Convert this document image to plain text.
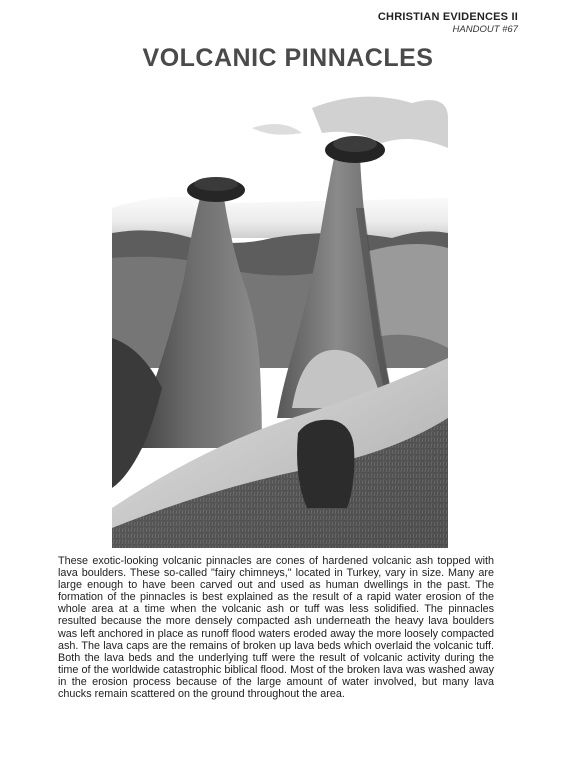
CHRISTIAN EVIDENCES II
HANDOUT #67
VOLCANIC PINNACLES

These exotic-looking volcanic pinnacles are cones of hardened volcanic ash topped with lava boulders. These so-called "fairy chimneys," located in Turkey, vary in size. Many are large enough to have been carved out and used as human dwellings in the past. The formation of the pinnacles is best explained as the result of a rapid water erosion of the whole area at a time when the volcanic ash or tuff was less solidified. The pinnacles resulted because the more densely compacted ash underneath the heavy lava boulders was left anchored in place as runoff flood waters eroded away the more loosely compacted ash. The lava caps are the remains of broken up lava beds which overlaid the volcanic tuff. Both the lava beds and the underlying tuff were the result of volcanic activity during the time of the worldwide catastrophic biblical flood. Most of the broken lava was washed away in the erosion process because of the large amount of water involved, but many lava chucks remain scattered on the ground throughout the area.
